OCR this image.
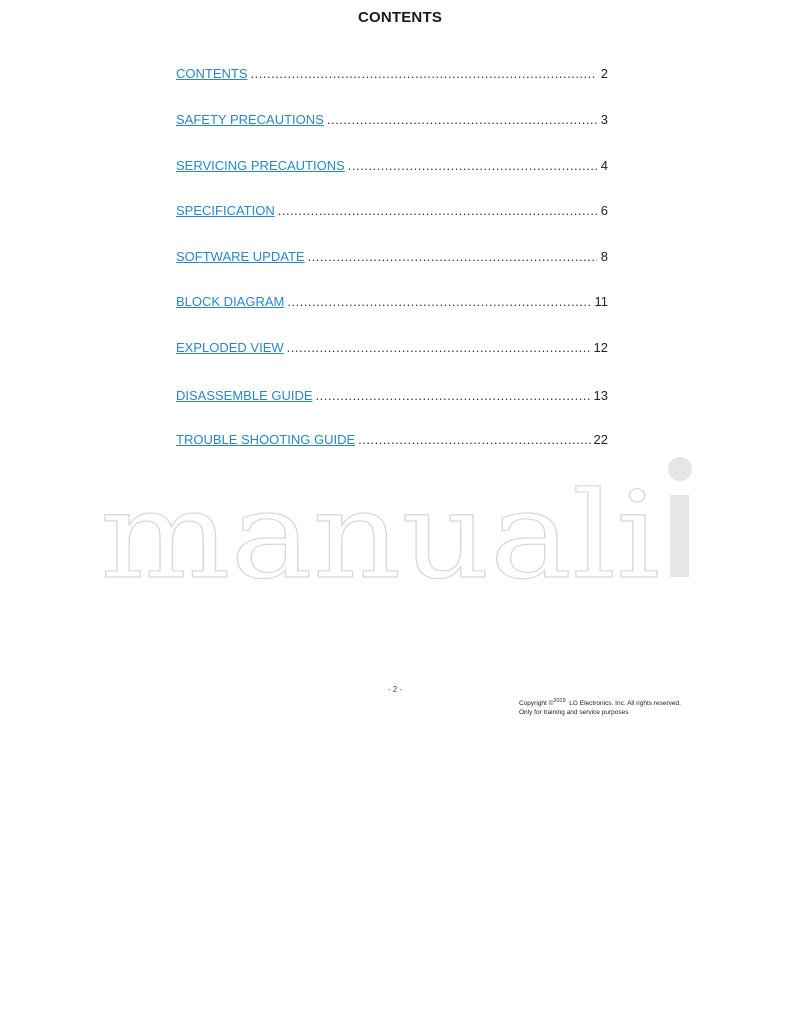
CONTENTS
CONTENTS .....	2
SAFETY PRECAUTIONS .....	3
SERVICING PRECAUTIONS .....	4
SPECIFICATION .....	6
SOFTWARE UPDATE .....	8
BLOCK DIAGRAM .....	11
EXPLODED VIEW .....	12
DISASSEMBLE GUIDE .....	13
TROUBLE SHOOTING GUIDE .....	22
manuali
- 2 -
Copyright ©$^{2019}$ LG Electronics. Inc. All rights reserved.
Only for training and service purposes
